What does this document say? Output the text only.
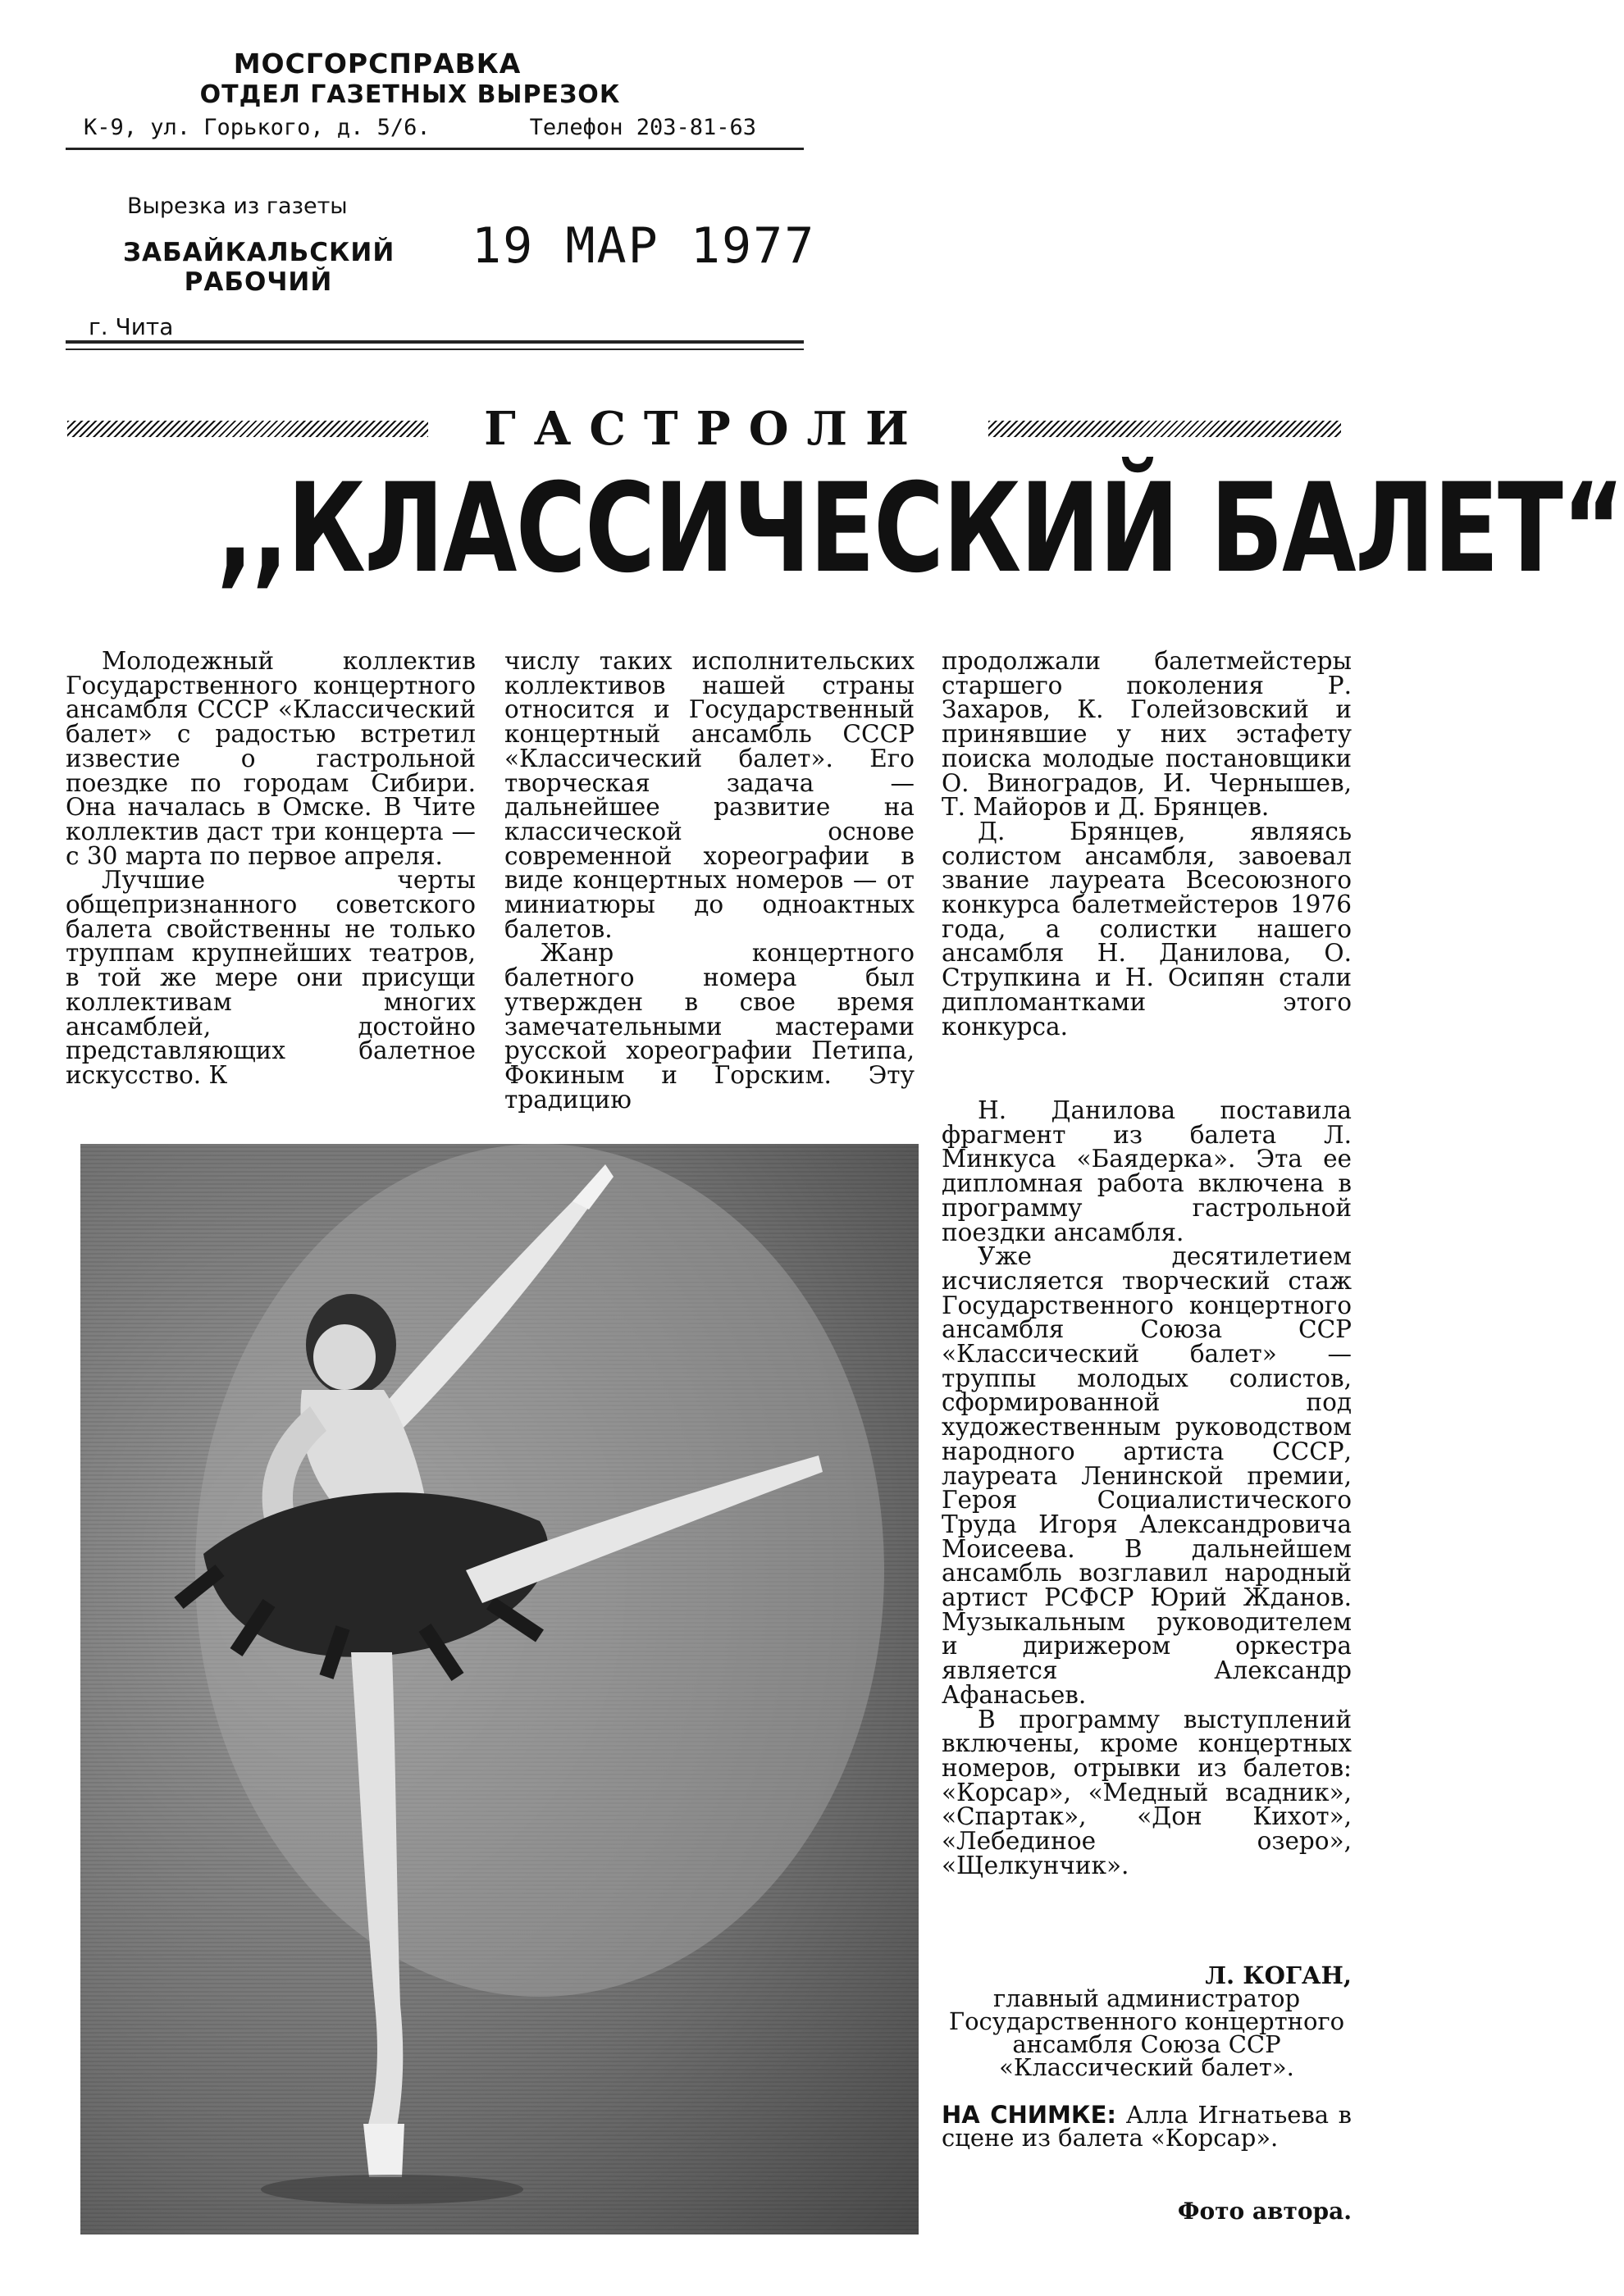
МОСГОРСПРАВКА
ОТДЕЛ ГАЗЕТНЫХ ВЫРЕЗОК
К-9, ул. Горького, д. 5/6.	Телефон 203-81-63
Вырезка из газеты
ЗАБАЙКАЛЬСКИЙ РАБОЧИЙ
19 МАР 1977
г. Чита
ГАСТРОЛИ
,,КЛАССИЧЕСКИЙ БАЛЕТ“

Молодежный коллектив Государственного концертного ансамбля СССР «Классический балет» с радостью встретил известие о гастрольной поездке по городам Сибири. Она началась в Омске. В Чите коллектив даст три концерта — с 30 марта по первое апреля.

Лучшие черты общепризнанного советского балета свойственны не только труппам крупнейших театров, в той же мере они присущи коллективам многих ансамблей, достойно представляющих балетное искусство. К

числу таких исполнительских коллективов нашей страны относится и Государственный концертный ансамбль СССР «Классический балет». Его творческая задача — дальнейшее развитие на классической основе современной хореографии в виде концертных номеров — от миниатюры до одноактных балетов.

Жанр концертного балетного номера был утвержден в свое время замечательными мастерами русской хореографии Петипа, Фокиным и Горским. Эту традицию

продолжали балетмейстеры старшего поколения Р. Захаров, К. Голейзовский и принявшие у них эстафету поиска молодые постановщики О. Виноградов, И. Чернышев, Т. Майоров и Д. Брянцев.

Д. Брянцев, являясь солистом ансамбля, завоевал звание лауреата Всесоюзного конкурса балетмейстеров 1976 года, а солистки нашего ансамбля Н. Данилова, О. Струпкина и Н. Осипян стали дипломантками этого конкурса.

Н. Данилова поставила фрагмент из балета Л. Минкуса «Баядерка». Эта ее дипломная работа включена в программу гастрольной поездки ансамбля.

Уже десятилетием исчисляется творческий стаж Государственного концертного ансамбля Союза ССР «Классический балет» — труппы молодых солистов, сформированной под художественным руководством народного артиста СССР, лауреата Ленинской премии, Героя Социалистического Труда Игоря Александровича Моисеева. В дальнейшем ансамбль возглавил народный артист РСФСР Юрий Жданов. Музыкальным руководителем и дирижером оркестра является Александр Афанасьев.

В программу выступлений включены, кроме концертных номеров, отрывки из балетов: «Корсар», «Медный всадник», «Спартак», «Дон Кихот», «Лебединое озеро», «Щелкунчик».

Л. КОГАН,
главный администратор Государственного концертного ансамбля Союза ССР «Классический балет».
НА СНИМКЕ: Алла Игнатьева в сцене из балета «Корсар».
Фото автора.
